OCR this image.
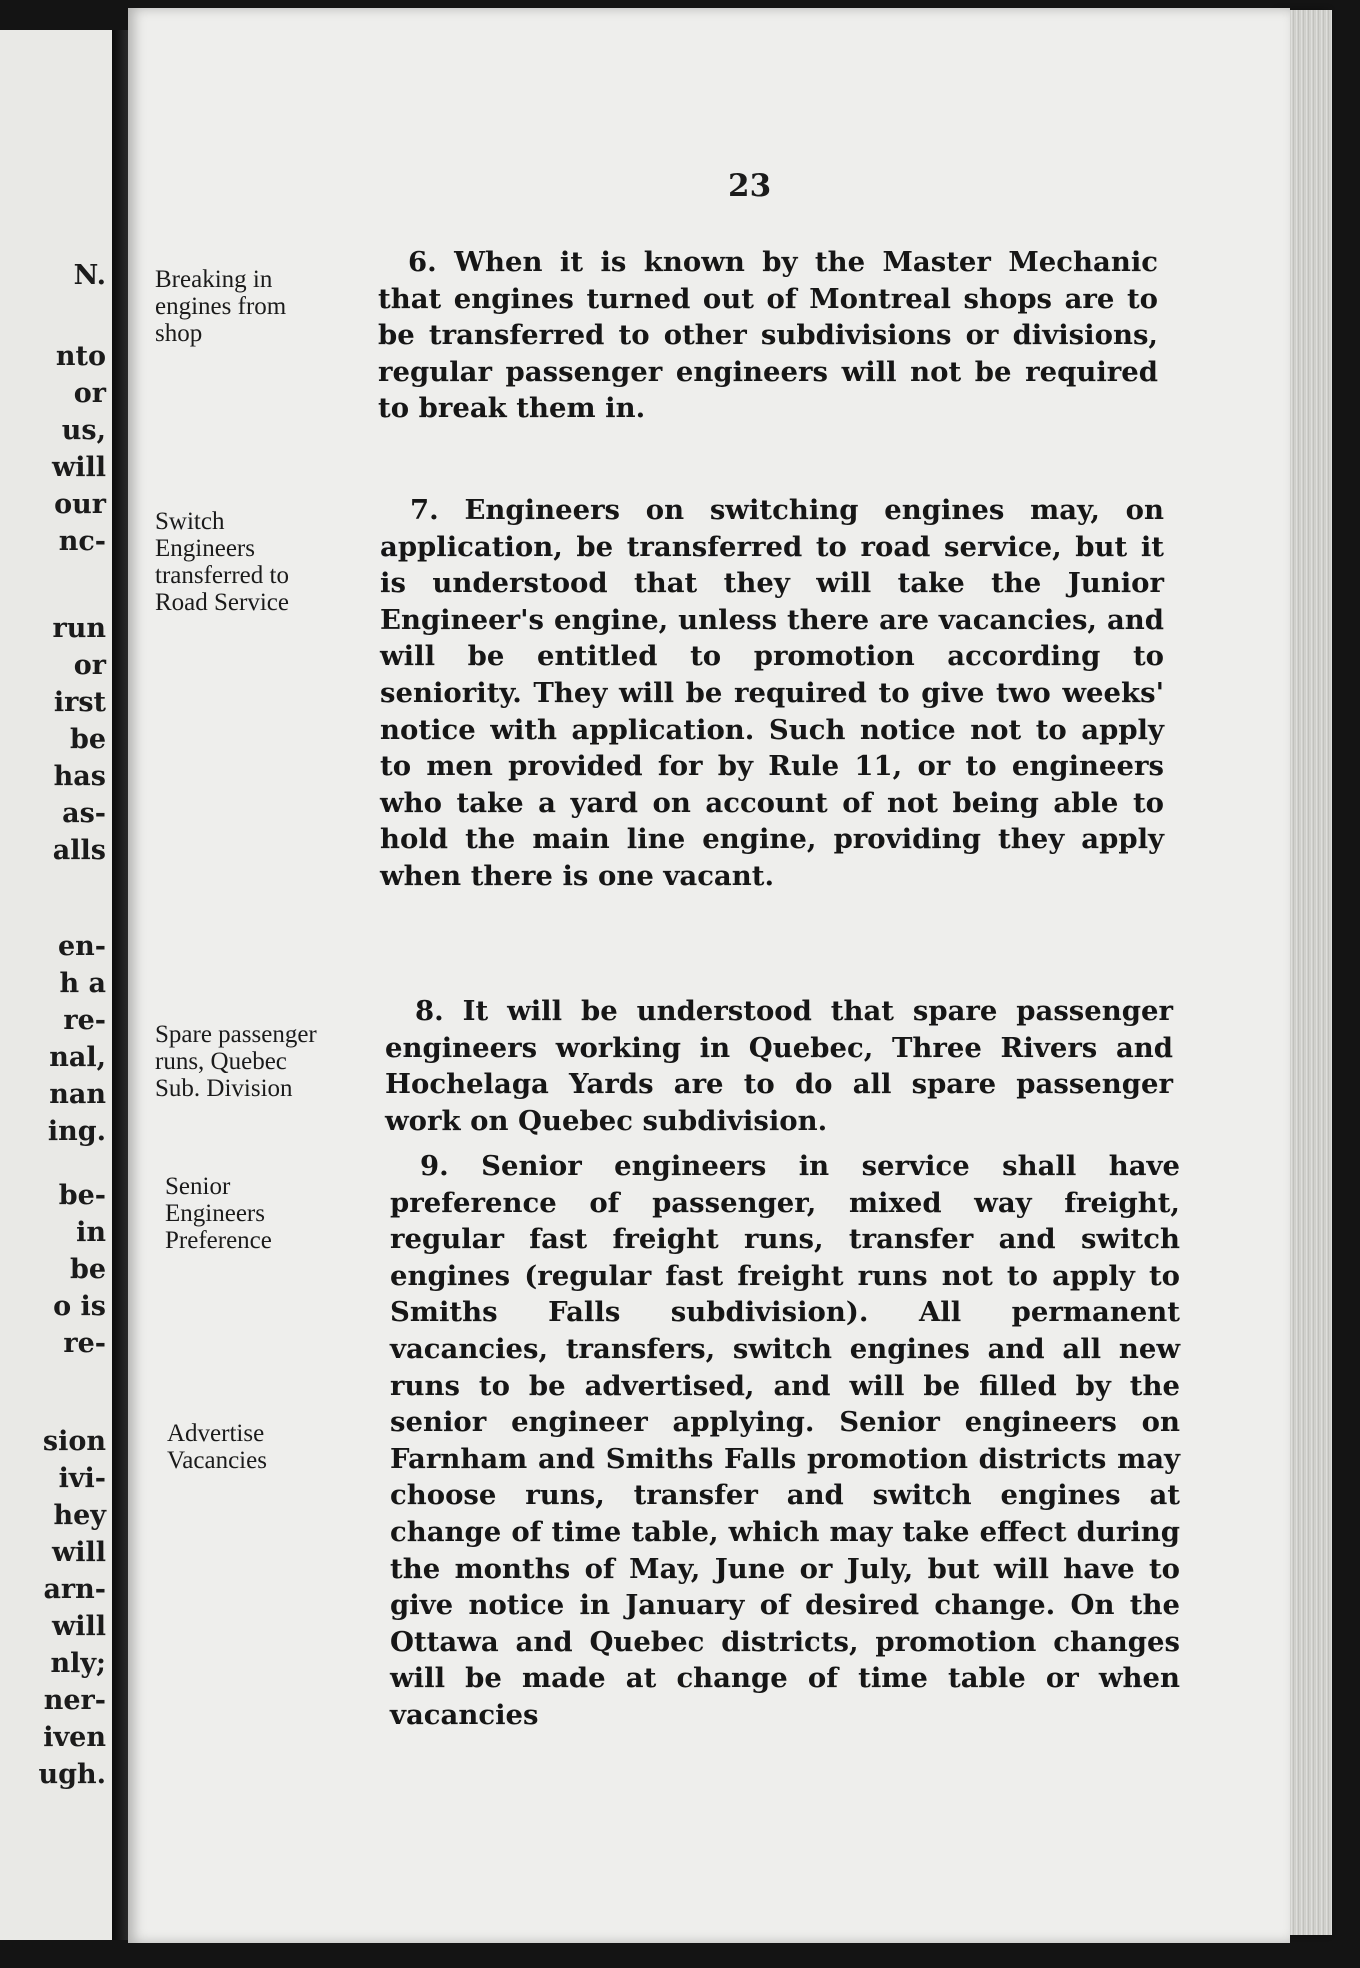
N.

nto

or

us,

will

our

nc-

run

or

irst

be

has

as-

alls

en-

h a

re-

nal,

nan

ing.

be-

in

be

o is

re-

sion

ivi-

hey

will

arn-

will

nly;

ner-

iven

ugh.

23

Breaking in
engines from
shop

6. When it is known by the Master Mechanic that engines turned out of Montreal shops are to be transferred to other subdivisions or divisions, regular passenger engineers will not be required to break them in.

Switch
Engineers
transferred to
Road Service

7. Engineers on switching engines may, on application, be transferred to road service, but it is understood that they will take the Junior Engineer's engine, unless there are vacancies, and will be entitled to promotion according to seniority. They will be required to give two weeks' notice with application. Such notice not to apply to men provided for by Rule 11, or to engineers who take a yard on account of not being able to hold the main line engine, providing they apply when there is one vacant.

Spare passenger
runs, Quebec
Sub. Division

8. It will be understood that spare passenger engineers working in Quebec, Three Rivers and Hochelaga Yards are to do all spare passenger work on Quebec subdivision.

Senior
Engineers
Preference

Advertise
Vacancies

9. Senior engineers in service shall have preference of passenger, mixed way freight, regular fast freight runs, transfer and switch engines (regular fast freight runs not to apply to Smiths Falls subdivision). All permanent vacancies, transfers, switch engines and all new runs to be advertised, and will be filled by the senior engineer applying. Senior engineers on Farnham and Smiths Falls promotion districts may choose runs, transfer and switch engines at change of time table, which may take effect during the months of May, June or July, but will have to give notice in January of desired change. On the Ottawa and Quebec districts, promotion changes will be made at change of time table or when vacancies
